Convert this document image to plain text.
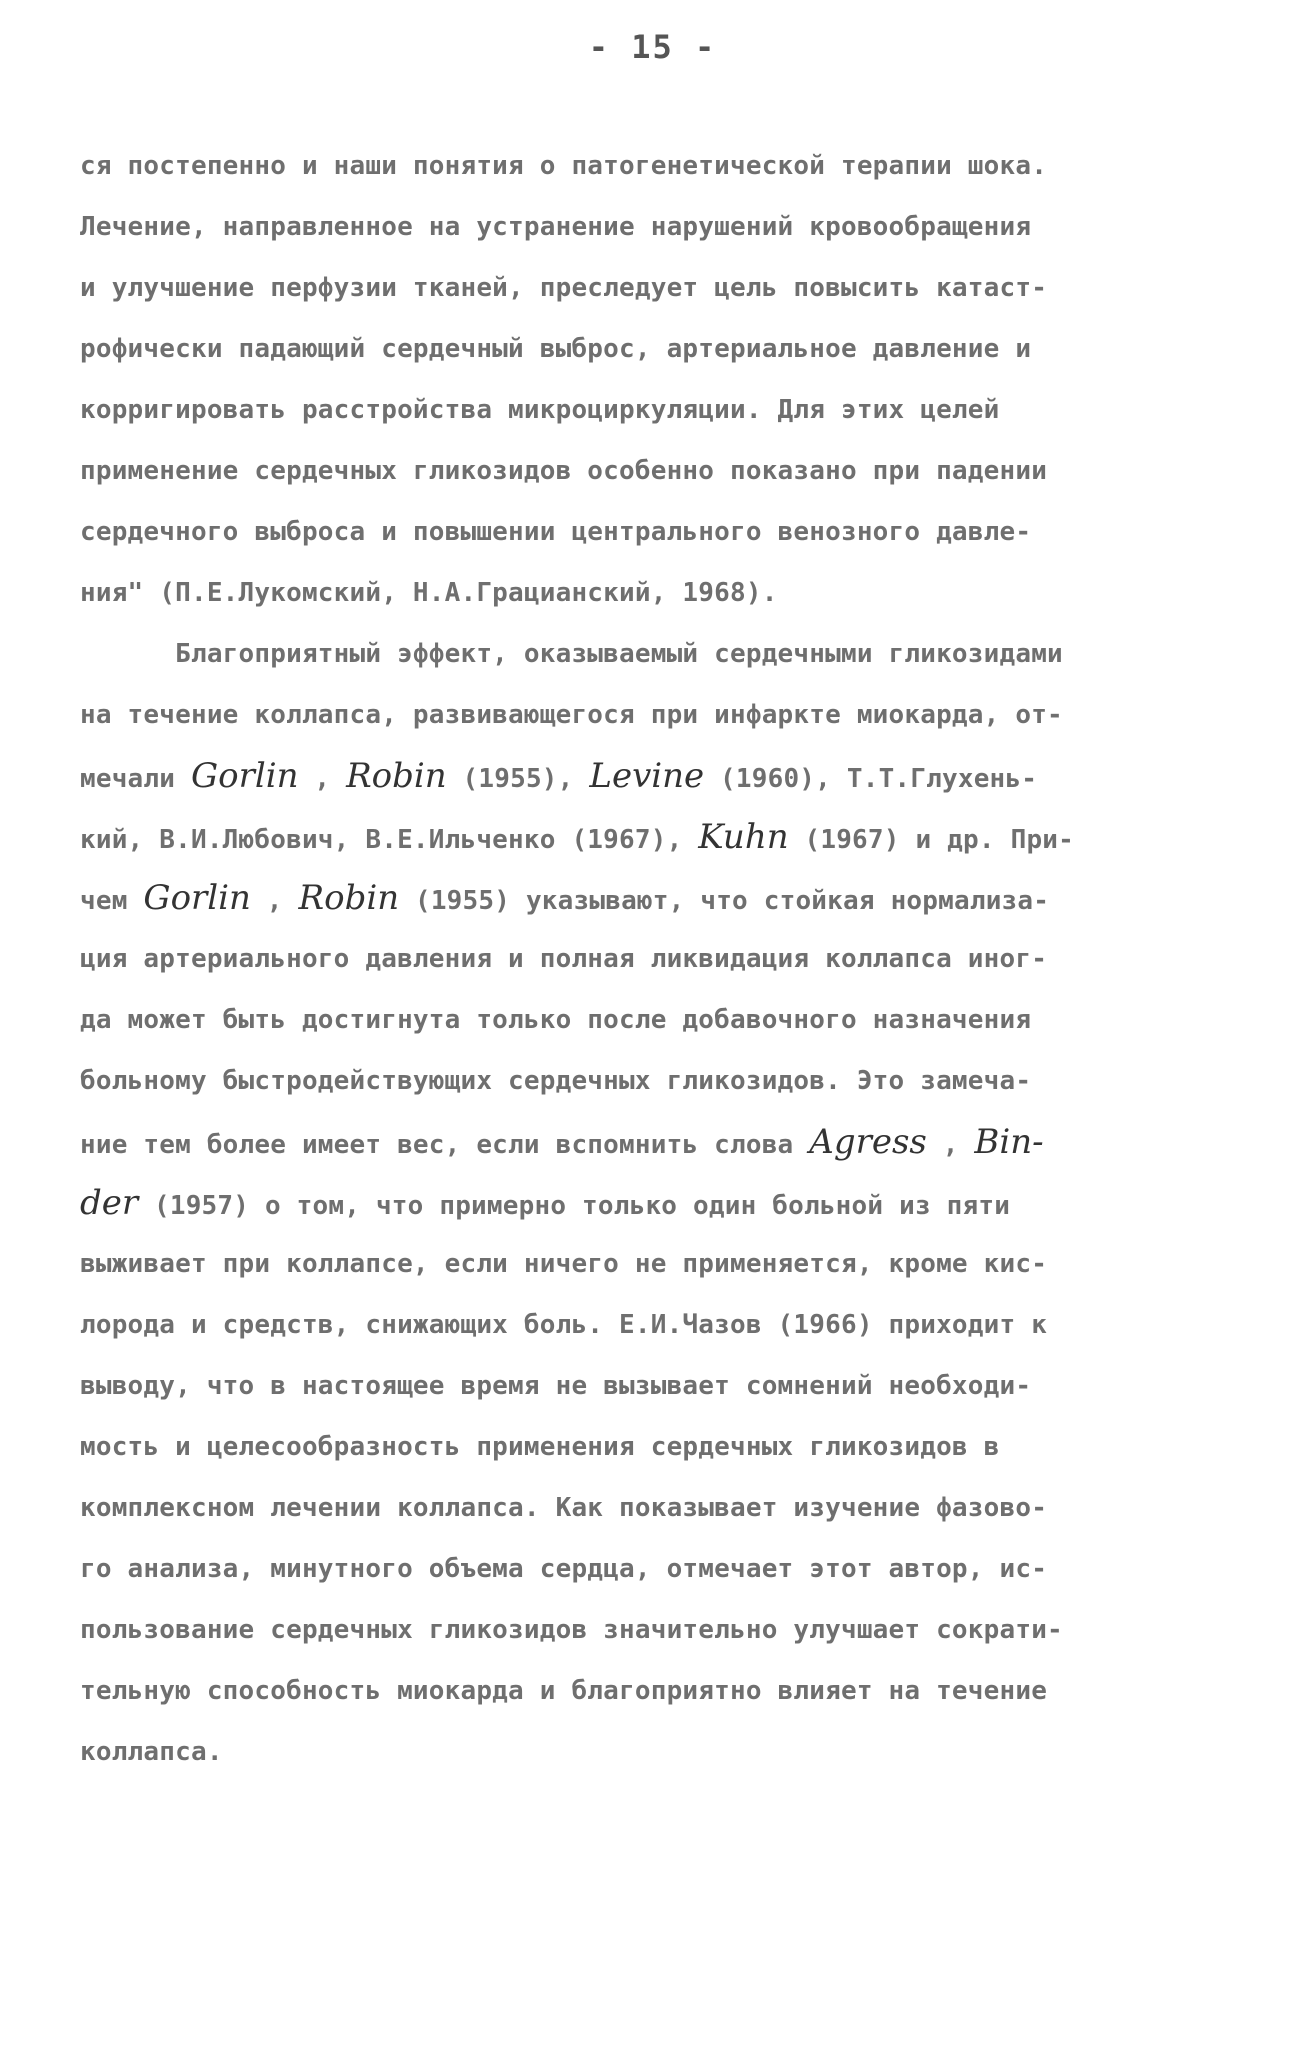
- 15 -
ся постепенно и наши понятия о патогенетической терапии шока.
Лечение, направленное на устранение нарушений кровообращения
и улучшение перфузии тканей, преследует цель повысить катаст-
рофически падающий сердечный выброс, артериальное давление и
корригировать расстройства микроциркуляции. Для этих целей
применение сердечных гликозидов особенно показано при падении
сердечного выброса и повышении центрального венозного давле-
ния" (П.Е.Лукомский, Н.А.Грацианский, 1968).
Благоприятный эффект, оказываемый сердечными гликозидами
на течение коллапса, развивающегося при инфаркте миокарда, от-
мечали Gorlin , Robin (1955), Levine (1960), Т.Т.Глухень-
кий, В.И.Любович, В.Е.Ильченко (1967), Kuhn (1967) и др. При-
чем Gorlin , Robin (1955) указывают, что стойкая нормализа-
ция артериального давления и полная ликвидация коллапса иног-
да может быть достигнута только после добавочного назначения
больному быстродействующих сердечных гликозидов. Это замеча-
ние тем более имеет вес, если вспомнить слова Agress , Bin-
der (1957) о том, что примерно только один больной из пяти
выживает при коллапсе, если ничего не применяется, кроме кис-
лорода и средств, снижающих боль. Е.И.Чазов (1966) приходит к
выводу, что в настоящее время не вызывает сомнений необходи-
мость и целесообразность применения сердечных гликозидов в
комплексном лечении коллапса. Как показывает изучение фазово-
го анализа, минутного объема сердца, отмечает этот автор, ис-
пользование сердечных гликозидов значительно улучшает сократи-
тельную способность миокарда и благоприятно влияет на течение
коллапса.
